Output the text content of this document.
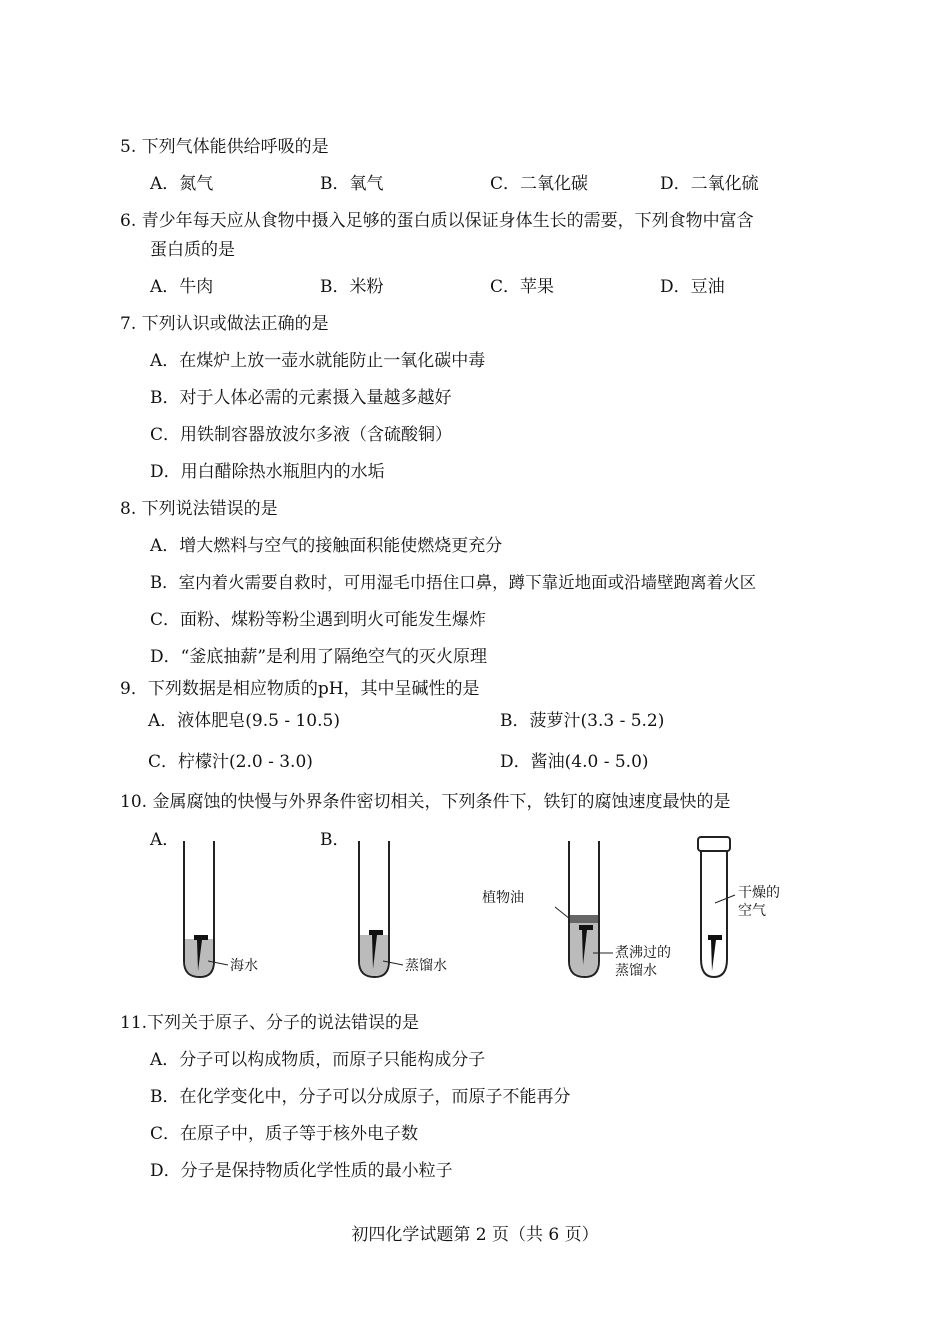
5. 下列气体能供给呼吸的是
A．氮气	B．氧气	C．二氧化碳	D．二氧化硫
6. 青少年每天应从食物中摄入足够的蛋白质以保证身体生长的需要，下列食物中富含
蛋白质的是
A．牛肉	B．米粉	C．苹果	D．豆油
7. 下列认识或做法正确的是
A．在煤炉上放一壶水就能防止一氧化碳中毒
B．对于人体必需的元素摄入量越多越好
C．用铁制容器放波尔多液（含硫酸铜）
D．用白醋除热水瓶胆内的水垢
8. 下列说法错误的是
A．增大燃料与空气的接触面积能使燃烧更充分
B．室内着火需要自救时，可用湿毛巾捂住口鼻，蹲下靠近地面或沿墙壁跑离着火区
C．面粉、煤粉等粉尘遇到明火可能发生爆炸
D．“釜底抽薪”是利用了隔绝空气的灭火原理
9．下列数据是相应物质的pH，其中呈碱性的是
A．液体肥皂(9.5 - 10.5)	B．菠萝汁(3.3 - 5.2)
C．柠檬汁(2.0 - 3.0)	D．酱油(4.0 - 5.0)
10. 金属腐蚀的快慢与外界条件密切相关，下列条件下，铁钉的腐蚀速度最快的是
A．	B．
海水	蒸馏水
植物油
煮沸过的
蒸馏水
干燥的
空气
11.下列关于原子、分子的说法错误的是
A．分子可以构成物质，而原子只能构成分子
B．在化学变化中，分子可以分成原子，而原子不能再分
C．在原子中，质子等于核外电子数
D．分子是保持物质化学性质的最小粒子
初四化学试题第 2 页（共 6 页）
